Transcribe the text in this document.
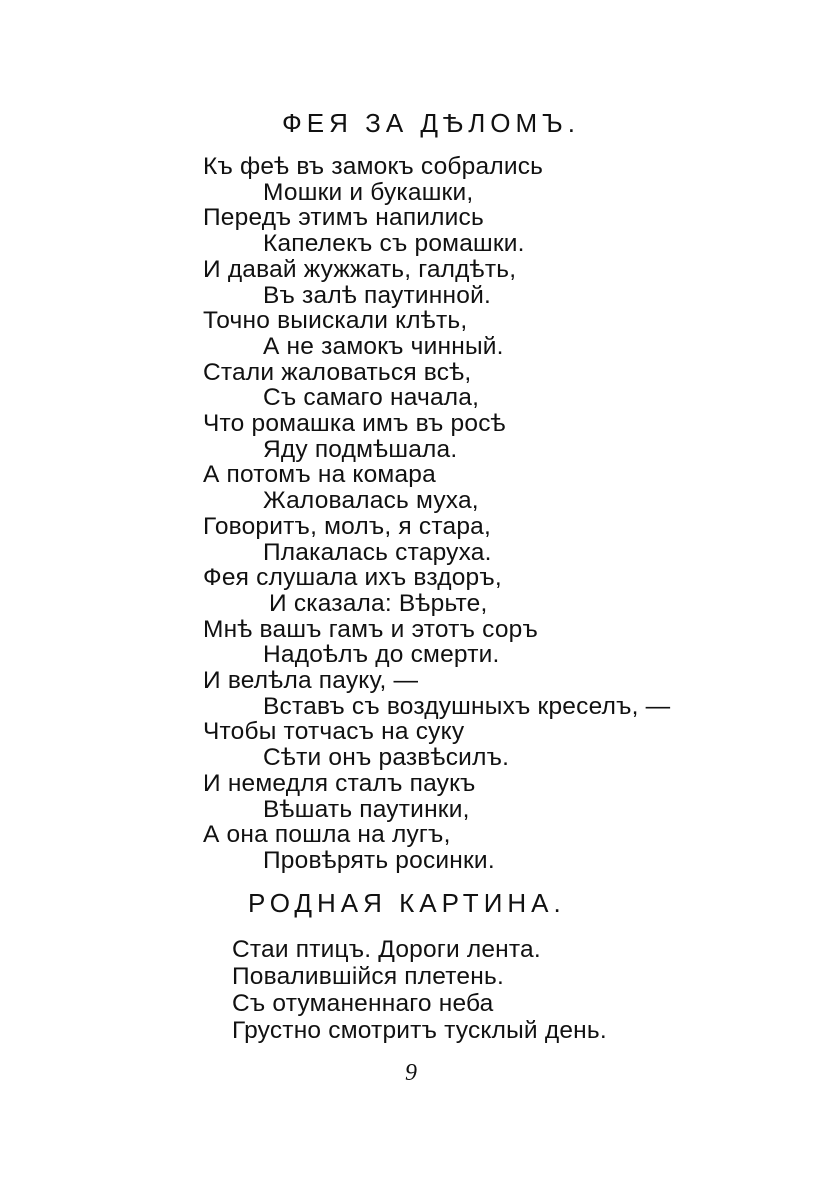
ФЕЯ ЗА ДѢЛОМЪ.
Къ феѣ въ замокъ собрались
Мошки и букашки,
Передъ этимъ напились
Капелекъ съ ромашки.
И давай жужжать, галдѣть,
Въ залѣ паутинной.
Точно выискали клѣть,
А не замокъ чинный.
Стали жаловаться всѣ,
Съ самаго начала,
Что ромашка имъ въ росѣ
Яду подмѣшала.
А потомъ на комара
Жаловалась муха,
Говоритъ, молъ, я стара,
Плакалась старуха.
Фея слушала ихъ вздоръ,
И сказала: Вѣрьте,
Мнѣ вашъ гамъ и этотъ соръ
Надоѣлъ до смерти.
И велѣла пауку, —
Вставъ съ воздушныхъ креселъ, —
Чтобы тотчасъ на суку
Сѣти онъ развѣсилъ.
И немедля сталъ паукъ
Вѣшать паутинки,
А она пошла на лугъ,
Провѣрять росинки.
РОДНАЯ КАРТИНА.
Стаи птицъ. Дороги лента.
Повалившійся плетень.
Съ отуманеннаго неба
Грустно смотритъ тусклый день.
9
